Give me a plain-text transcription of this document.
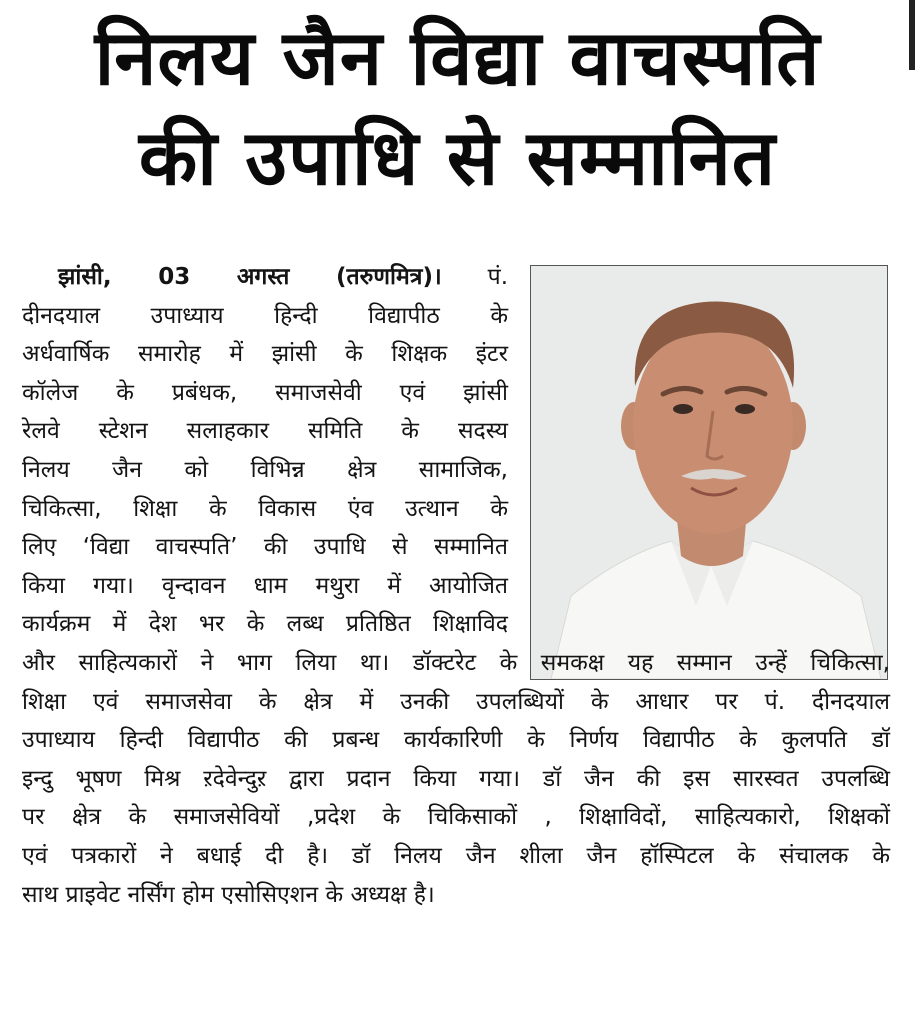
निलय जैन विद्या वाचस्पति
की उपाधि से सम्मानित
झांसी, 03 अगस्त (तरुणमित्र)। पं.
दीनदयाल उपाध्याय हिन्दी विद्यापीठ के
अर्धवार्षिक समारोह में झांसी के शिक्षक इंटर
कॉलेज के प्रबंधक, समाजसेवी एवं झांसी
रेलवे स्टेशन सलाहकार समिति के सदस्य
निलय जैन को विभिन्न क्षेत्र सामाजिक,
चिकित्सा, शिक्षा के विकास एंव उत्थान के
लिए ‘विद्या वाचस्पति’ की उपाधि से सम्मानित
किया गया। वृन्दावन धाम मथुरा में आयोजित
कार्यक्रम में देश भर के लब्ध प्रतिष्ठित शिक्षाविद
और साहित्यकारों ने भाग लिया था। डॉक्टरेट के समकक्ष यह सम्मान उन्हें चिकित्सा,
शिक्षा एवं समाजसेवा के क्षेत्र में उनकी उपलब्धियों के आधार पर पं. दीनदयाल
उपाध्याय हिन्दी विद्यापीठ की प्रबन्ध कार्यकारिणी के निर्णय विद्यापीठ के कुलपति डॉ
इन्दु भूषण मिश्र ऱदेवेन्दुऱ द्वारा प्रदान किया गया। डॉ जैन की इस सारस्वत उपलब्धि
पर क्षेत्र के समाजसेवियों ,प्रदेश के चिकिसाकों , शिक्षाविदों, साहित्यकारो, शिक्षकों
एवं पत्रकारों ने बधाई दी है। डॉ निलय जैन शीला जैन हॉस्पिटल के संचालक के
साथ प्राइवेट नर्सिंग होम एसोसिएशन के अध्यक्ष है।
